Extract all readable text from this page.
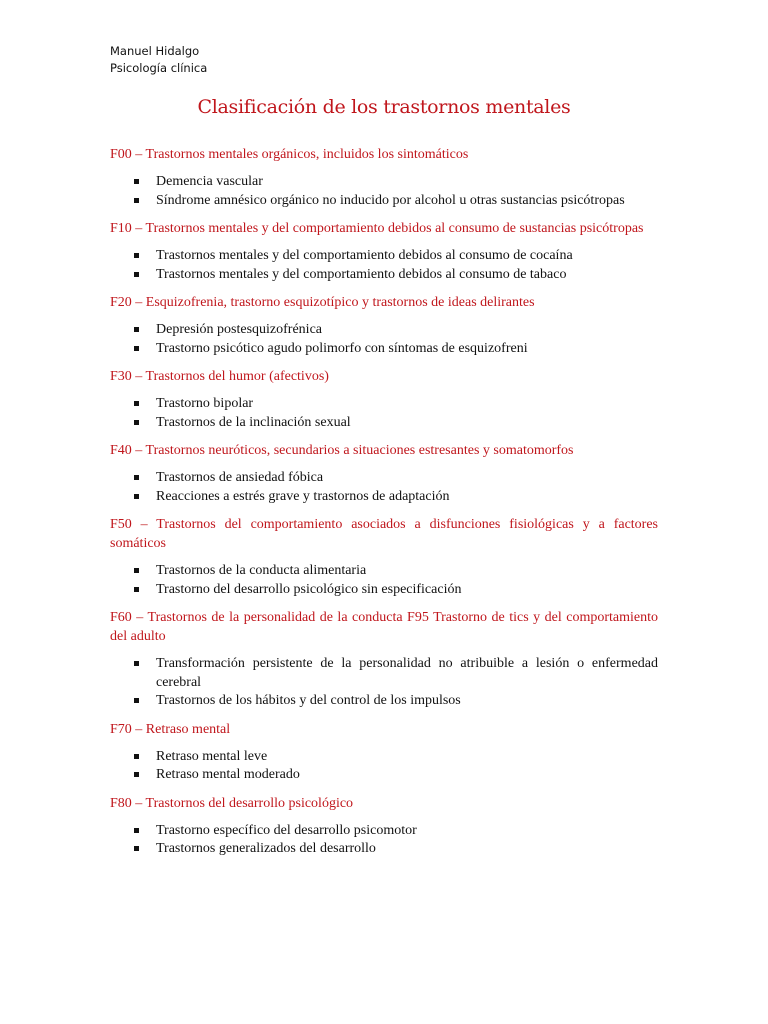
Manuel Hidalgo
Psicología clínica
Clasificación de los trastornos mentales

F00 – Trastornos mentales orgánicos, incluidos los sintomáticos

Demencia vascular
Síndrome amnésico orgánico no inducido por alcohol u otras sustancias psicótropas

F10 – Trastornos mentales y del comportamiento debidos al consumo de sustancias psicótropas

Trastornos mentales y del comportamiento debidos al consumo de cocaína
Trastornos mentales y del comportamiento debidos al consumo de tabaco

F20 – Esquizofrenia, trastorno esquizotípico y trastornos de ideas delirantes

Depresión postesquizofrénica
Trastorno psicótico agudo polimorfo con síntomas de esquizofreni

F30 – Trastornos del humor (afectivos)

Trastorno bipolar
Trastornos de la inclinación sexual

F40 – Trastornos neuróticos, secundarios a situaciones estresantes y somatomorfos

Trastornos de ansiedad fóbica
Reacciones a estrés grave y trastornos de adaptación

F50 – Trastornos del comportamiento asociados a disfunciones fisiológicas y a factores somáticos

Trastornos de la conducta alimentaria
Trastorno del desarrollo psicológico sin especificación

F60 – Trastornos de la personalidad de la conducta F95 Trastorno de tics y del comportamiento del adulto

Transformación persistente de la personalidad no atribuible a lesión o enfermedad cerebral
Trastornos de los hábitos y del control de los impulsos

F70 – Retraso mental

Retraso mental leve
Retraso mental moderado

F80 – Trastornos del desarrollo psicológico

Trastorno específico del desarrollo psicomotor
Trastornos generalizados del desarrollo
